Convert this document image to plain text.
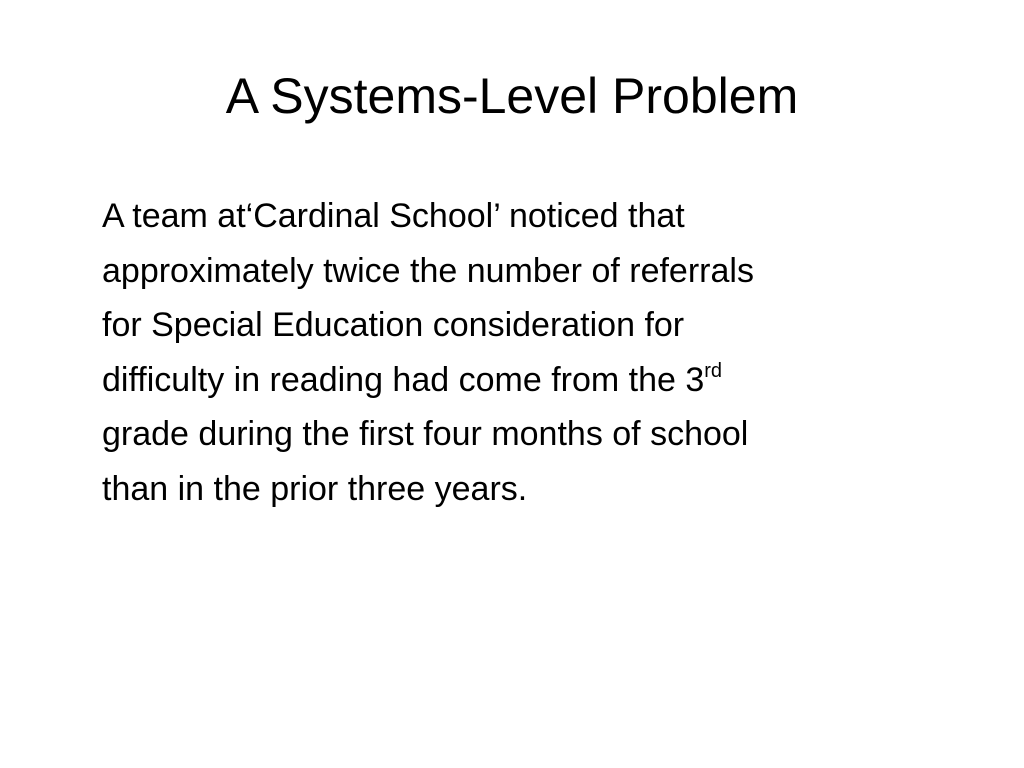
A Systems-Level Problem
A team at‘Cardinal School’ noticed that
approximately twice the number of referrals
for Special Education consideration for
difficulty in reading had come from the 3rd
grade during the first four months of school
than in the prior three years.
